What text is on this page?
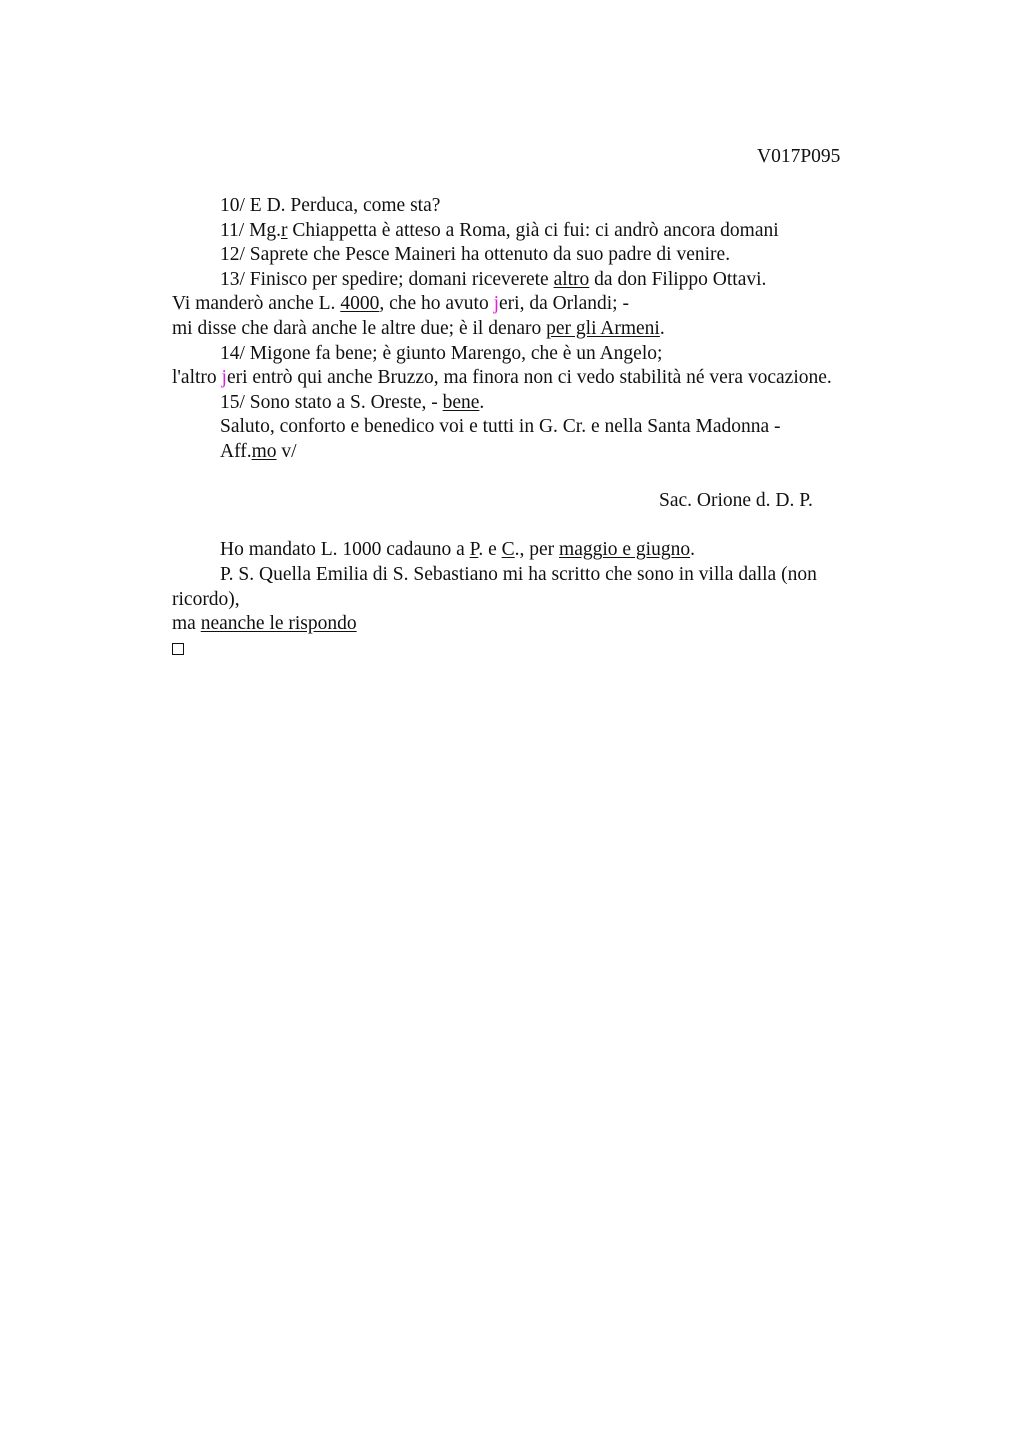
V017P095
10/ E D. Perduca, come sta?
11/ Mg.r Chiappetta è atteso a Roma, già ci fui: ci andrò ancora domani
12/ Saprete che Pesce Maineri ha ottenuto da suo padre di venire.
13/ Finisco per spedire; domani riceverete altro da don Filippo Ottavi.
Vi manderò anche L. 4000, che ho avuto jeri, da Orlandi; -
mi disse che darà anche le altre due; è il denaro per gli Armeni.
14/ Migone fa bene; è giunto Marengo, che è un Angelo;
l'altro jeri entrò qui anche Bruzzo, ma finora non ci vedo stabilità né vera vocazione.
15/ Sono stato a S. Oreste, - bene.
Saluto, conforto e benedico voi e tutti in G. Cr. e nella Santa Madonna -
Aff.mo v/
Sac. Orione d. D. P.
Ho mandato L. 1000 cadauno a P. e C., per maggio e giugno.
P. S. Quella Emilia di S. Sebastiano mi ha scritto che sono in villa dalla (non
ricordo),
ma neanche le rispondo
